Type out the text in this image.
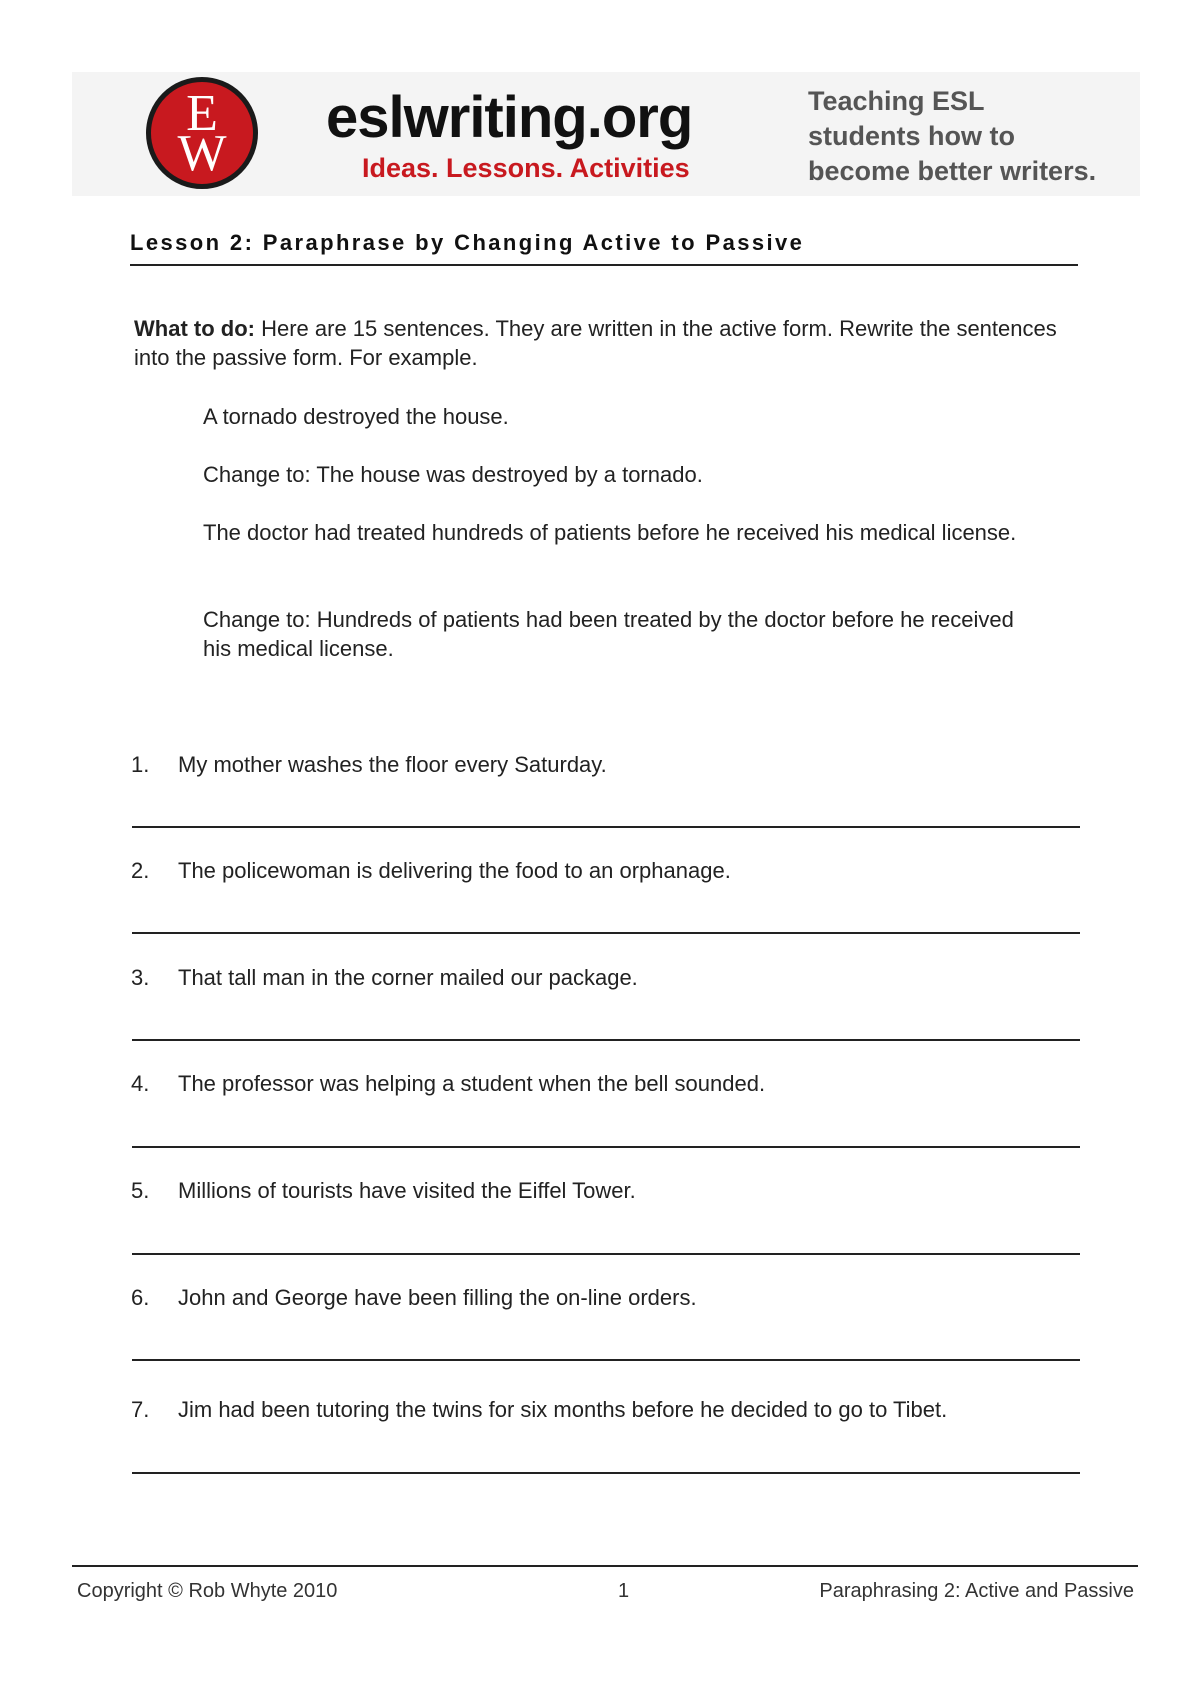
E
W
eslwriting.org
Ideas. Lessons. Activities
Teaching ESL
students how to
become better writers.
Lesson 2: Paraphrase by Changing Active to Passive
What to do: Here are 15 sentences. They are written in the active form. Rewrite the sentences into the passive form. For example.
A tornado destroyed the house.
Change to: The house was destroyed by a tornado.
The doctor had treated hundreds of patients before he received his medical license.
Change to: Hundreds of patients had been treated by the doctor before he received his medical license.
1. My mother washes the floor every Saturday.
2. The policewoman is delivering the food to an orphanage.
3. That tall man in the corner mailed our package.
4. The professor was helping a student when the bell sounded.
5. Millions of tourists have visited the Eiffel Tower.
6. John and George have been filling the on-line orders.
7. Jim had been tutoring the twins for six months before he decided to go to Tibet.
Copyright © Rob Whyte 2010	1	Paraphrasing 2: Active and Passive
